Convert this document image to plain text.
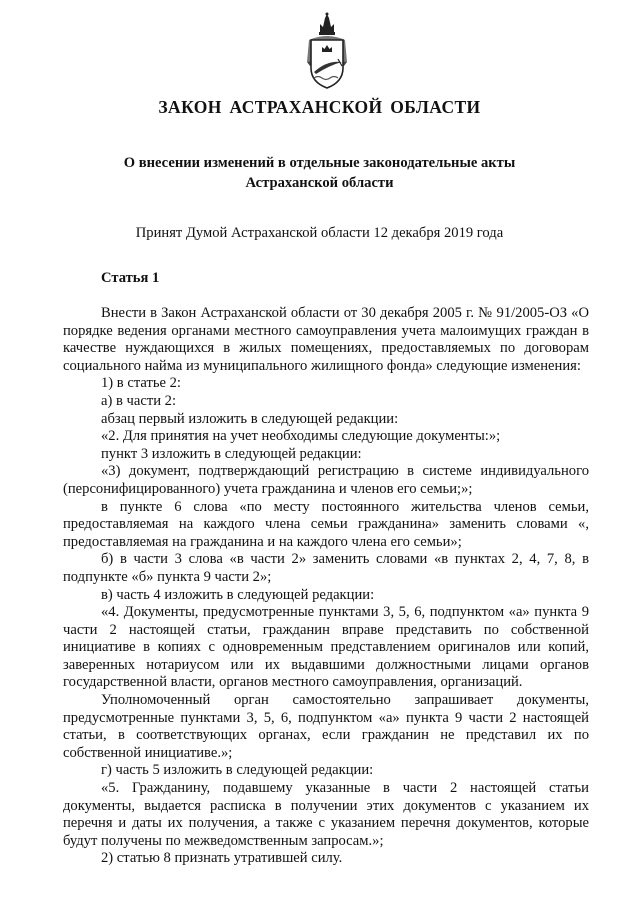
ЗАКОН АСТРАХАНСКОЙ ОБЛАСТИ
О внесении изменений в отдельные законодательные акты
Астраханской области
Принят Думой Астраханской области 12 декабря 2019 года
Статья 1

Внести в Закон Астраханской области от 30 декабря 2005 г. № 91/2005-ОЗ «О порядке ведения органами местного самоуправления учета малоимущих граждан в качестве нуждающихся в жилых помещениях, предоставляемых по договорам социального найма из муниципального жилищного фонда» следующие изменения:

1) в статье 2:

а) в части 2:

абзац первый изложить в следующей редакции:

«2. Для принятия на учет необходимы следующие документы:»;

пункт 3 изложить в следующей редакции:

«3) документ, подтверждающий регистрацию в системе индивидуального (персонифицированного) учета гражданина и членов его семьи;»;

в пункте 6 слова «по месту постоянного жительства членов семьи, предоставляемая на каждого члена семьи гражданина» заменить словами «, предоставляемая на гражданина и на каждого члена его семьи»;

б) в части 3 слова «в части 2» заменить словами «в пунктах 2, 4, 7, 8, в подпункте «б» пункта 9 части 2»;

в) часть 4 изложить в следующей редакции:

«4. Документы, предусмотренные пунктами 3, 5, 6, подпунктом «а» пункта 9 части 2 настоящей статьи, гражданин вправе представить по собственной инициативе в копиях с одновременным представлением оригиналов или копий, заверенных нотариусом или их выдавшими должностными лицами органов государственной власти, органов местного самоуправления, организаций.

Уполномоченный орган самостоятельно запрашивает документы, предусмотренные пунктами 3, 5, 6, подпунктом «а» пункта 9 части 2 настоящей статьи, в соответствующих органах, если гражданин не представил их по собственной инициативе.»;

г) часть 5 изложить в следующей редакции:

«5. Гражданину, подавшему указанные в части 2 настоящей статьи документы, выдается расписка в получении этих документов с указанием их перечня и даты их получения, а также с указанием перечня документов, которые будут получены по межведомственным запросам.»;

2) статью 8 признать утратившей силу.
